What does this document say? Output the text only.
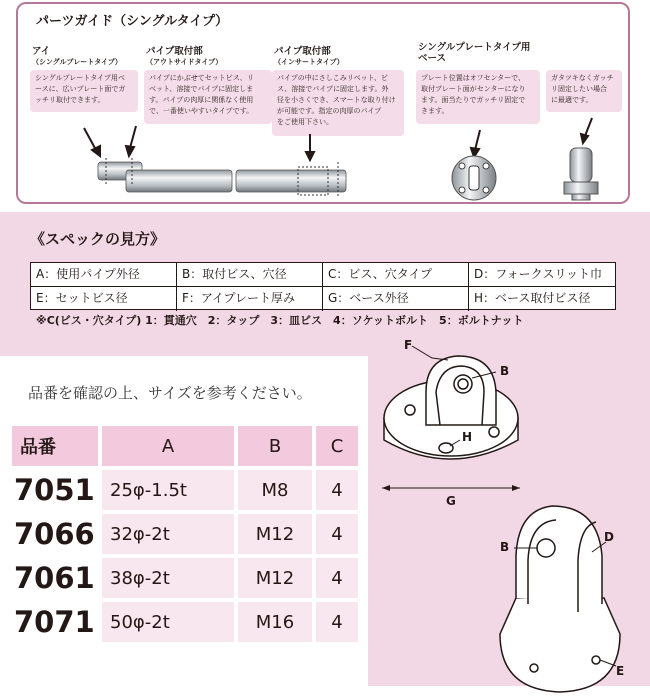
パーツガイド（シングルタイプ）
アイ
（シングルプレートタイプ）
シングルプレートタイプ用ベ
ースに、広いプレート面でガ
ッチリ取付できます。
パイプ取付部
（アウトサイドタイプ）
パイプにかぶせてセットビス、リ
ベット、溶接でパイプに固定しま
す。パイプの肉厚に関係なく使用
で、一番使いやすいタイプです。
パイプ取付部
（インサートタイプ）
パイプの中にさしこみリベット、ビ
ス、溶接でパイプに固定します。外
径を小さくでき、スマートな取り付け
が可能です。指定の肉厚のパイプ
をご使用下さい。
シングルプレートタイプ用
ベース
プレート位置はオフセンターで、
取付プレート面がセンターになり
ます。面当たりでガッチリ固定で
きます。
ガタツキなくガッチ
リ固定したい場合
に最適です。
《スペックの見方》
A：使用パイプ外径	B：取付ビス、穴径	C：ビス、穴タイプ	D：フォークスリット巾
E：セットビス径	F：アイプレート厚み	G：ベース外径	H：ベース取付ビス径
※C(ビス・穴タイプ) 1：貫通穴　2：タップ　3：皿ビス　4：ソケットボルト　5：ボルトナット
品番を確認の上、サイズを参考ください。
品番	A	B	C
7051 25φ-1.5t	M8	4
7066 32φ-2t	M12	4
7061 38φ-2t	M12	4
7071 50φ-2t	M16	4
F
B
H
G
B
D
E
